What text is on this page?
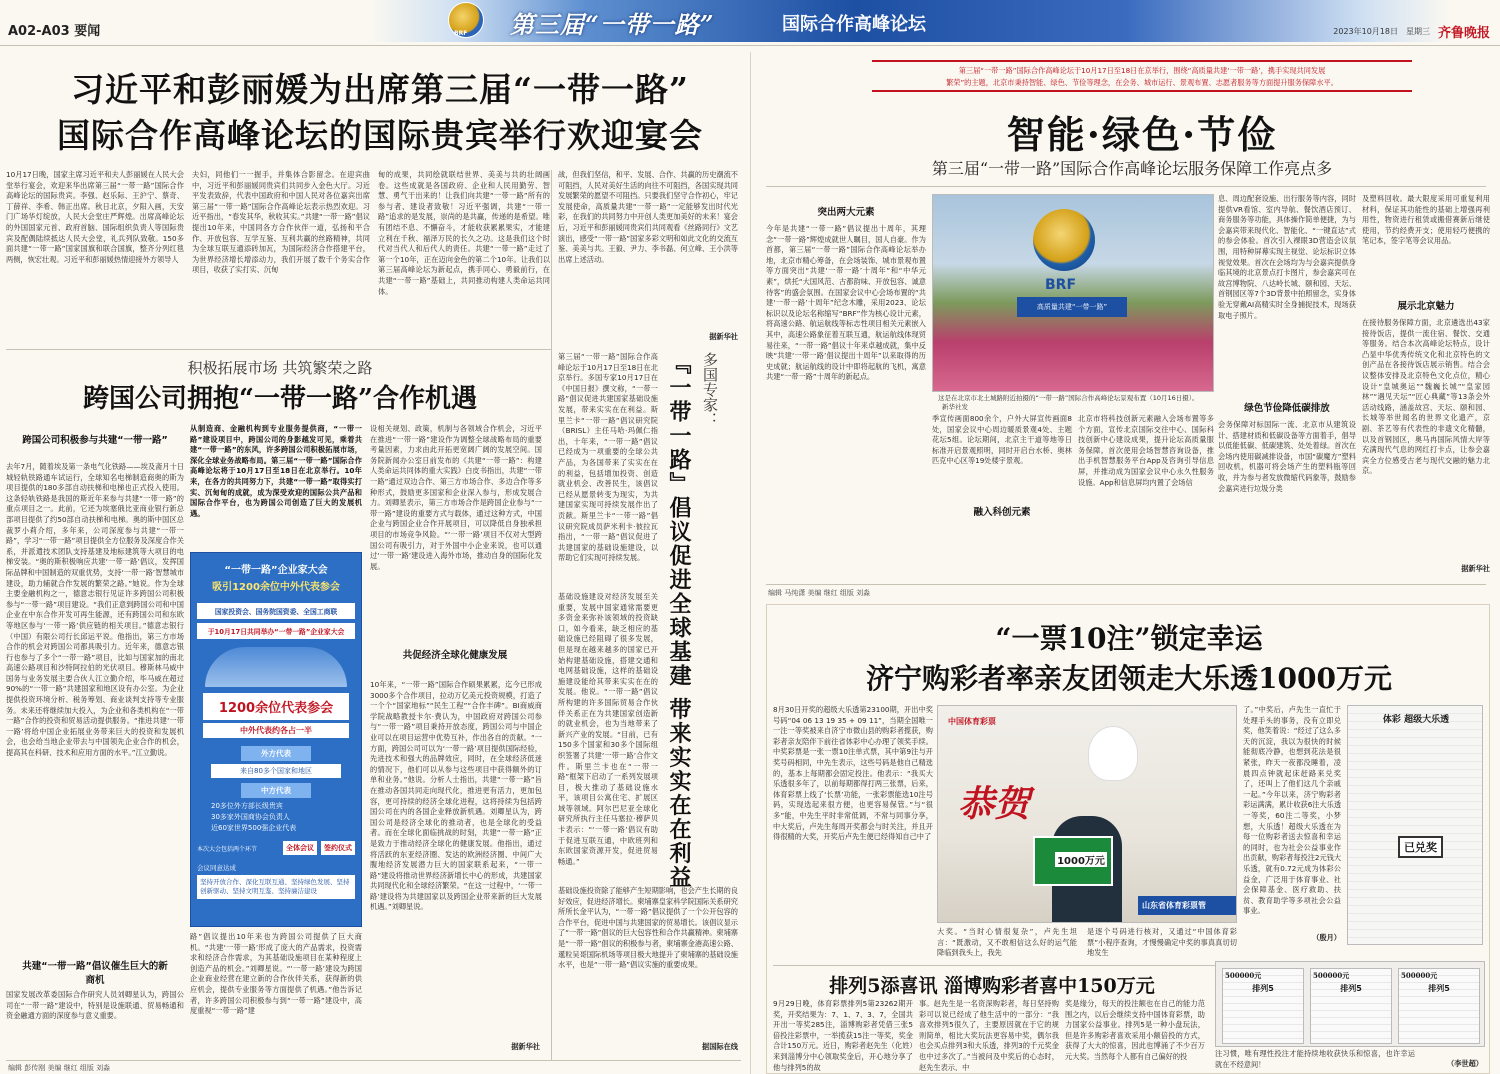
A02-A03 要闻	第三届“一带一路”	国际合作高峰论坛
BRF	2023年10月18日 星期三 齐鲁晚报
习近平和彭丽媛为出席第三届“一带一路”
国际合作高峰论坛的国际贵宾举行欢迎宴会
10月17日晚，国家主席习近平和夫人彭丽媛在人民大会堂举行宴会，欢迎来华出席第三届“一带一路”国际合作高峰论坛的国际贵宾。李强、赵乐际、王沪宁、蔡奇、丁薛祥、李希、韩正出席。秋日北京，夕阳入画，天安门广场华灯绽放，人民大会堂庄严辉煌。出席高峰论坛的外国国家元首、政府首脑、国际组织负责人等国际贵宾及配偶陆续抵达人民大会堂，礼兵列队致敬。150多面共建“一带一路”国家国旗和联合国旗，整齐分列红毯两侧，恢宏壮观。习近平和彭丽媛热情迎接外方领导人
夫妇，同他们一一握手，并集体合影留念。在迎宾曲中，习近平和彭丽媛同贵宾们共同步入金色大厅。习近平发表致辞，代表中国政府和中国人民对各位嘉宾出席第三届“一带一路”国际合作高峰论坛表示热烈欢迎。习近平指出，“春发其华，秋收其实。”共建“一带一路”倡议提出10年来，中国同各方合作伙伴一道，弘扬和平合作、开放包容、互学互鉴、互利共赢的丝路精神，共同为全球互联互通添砖加瓦，为国际经济合作搭建平台，为世界经济增长增添动力，我们开展了数千个务实合作项目，收获了实打实、沉甸
甸的成果，共同绘就联结世界、美美与共的壮阔画卷。这些成就是各国政府、企业和人民用勤劳、智慧、勇气干出来的！让我们向共建“一带一路”所有的参与者、建设者致敬！习近平强调，共建“一带一路”追求的是发展，崇尚的是共赢，传递的是希望。唯有团结不息、不懈奋斗，才能收获累累果实，才能建立利在千秋、福泽万民的长久之功。这是我们这个时代对当代人和后代人的责任。共建“一带一路”走过了第一个10年，正在迈向金色的第二个10年。让我们以第三届高峰论坛为新起点，携手同心、勇毅前行，在共建“一带一路”基础上，共同推动构建人类命运共同体。
战，但我们坚信，和平、发展、合作、共赢的历史潮流不可阻挡，人民对美好生活的向往不可阻挡，各国实现共同发展繁荣的愿望不可阻挡。只要我们坚守合作初心，牢记发展使命，高质量共建“一带一路”一定能够发出时代光彩，在我们的共同努力中开创人类更加美好的未来！宴会后，习近平和彭丽媛同贵宾们共同观看《丝路同行》文艺演出，感受“一带一路”国家多彩文明和如此文化的交流互鉴、美美与共。王毅、尹力、李书磊、何立峰、王小洪等出席上述活动。
据新华社
积极拓展市场 共筑繁荣之路
跨国公司拥抱“一带一路”合作机遇
跨国公司积极参与共建“一带一路”
去年7月，随着埃及第一条电气化铁路——埃及斋月十日城轻轨铁路通车试运行，全球知名电梯制造商奥的斯为项目提供的180多部自动扶梯和电梯也正式投入使用。这条轻轨铁路是我国的斯近年来参与共建“一带一路”的重点项目之一。此前，它还为埃塞俄比亚商业银行新总部项目提供了约50部自动扶梯和电梯。奥的斯中国区总裁罗小莉介绍，多年来，公司深度参与共建“一带一路”，学习“一带一路”项目提供全方位服务及深度合作关系，并派遣技术团队支持基建及地标建筑等大项目的电梯安装。“奥的斯积极响应共建‘一带一路’倡议，发挥国际品牌和中国制造的双重优势，支持‘一带一路’智慧城市建设，助力辅就合作发展的繁荣之路。”她说。作为全球主要金融机构之一，德意志银行见证许多跨国公司积极参与“一带一路”项目建设。“我们正意到跨国公司和中国企业在中东合作开发可再生能源，还有跨国公司和东欧等地区参与‘一带一路’供应链的相关项目。”德意志银行（中国）有限公司行长邱运平说。他指出，第三方市场合作的机会对跨国公司都具吸引力。近年来，德意志银行也参与了多个“一带一路”项目，比如与国家加的南北高速公路项目和沙特阿拉伯的光伏项目。穆斯林马威中国务与业务发展主要合伙人江立勤介绍，毕马威在超过90%的“一带一路”共建国家和地区设有办公室。为企业提供投资环境分析、税务筹划、商业谈判支持等专业服务。未来还将继续加大投入，为企业和各类机构在“一带一路”合作的投资和贸易活动提供服务。“推进共建‘一带一路’将给中国企业拓展业务带来巨大的投资和发展机会，也会给当地企业带去与中国领先企业合作的机会，提高其在科研、技术和应用方面的水平。”江立勤说。
共建“一带一路”倡议催生巨大的新商机
国家发展改革委国际合作研究人员刘卿星认为，跨国公司在“一带一路”建设中，特别是设施联通、贸易畅通和资金融通方面的深度参与意义重要。
从制造商、金融机构到专业服务提供商，“一带一路”建设项目中，跨国公司的身影越发可见，乘着共建“一带一路”的东风，许多跨国公司积极拓展市场，深化全球业务战略布局。第三届“一带一路”国际合作高峰论坛将于10月17日至18日在北京举行。10年来，在各方的共同努力下，共建“一带一路”取得实打实、沉甸甸的成就，成为深受欢迎的国际公共产品和国际合作平台，也为跨国公司创造了巨大的发展机遇。
“一带一路”企业家大会
吸引1200余位中外代表参会
国家投资会、国务院国资委、全国工商联
于10月17日共同举办“一带一路”企业家大会
1200余位代表参会
中外代表约各占一半
外方代表
来自80多个国家和地区
中方代表
20多位外方部长级贵宾
30多家外国商协会负责人
近60家世界500强企业代表
本次大会包括两个环节	全体会议	签约仪式
会议同意达成
坚持开放合作、深化互联互通、坚持绿色发展、坚持创新驱动、坚持文明互鉴、坚持廉洁建设
路”倡议提出10年来也为跨国公司提供了巨大商机。“共建‘一带一路’形成了庞大的产品需求，投资需求和经济合作需求，为其基础设施项目在某种程度上创造产品的机会。”刘卿星说。“‘一带一路’建设为跨国企业商业经营在建立新的合作伙伴关系，获得新的供应机会，提供专业服务等方面提供了机遇。”他告诉记者，许多跨国公司积极参与到“一带一路”建设中，高度重视“一带一路”建
设相关规划、政策，机制与各领域合作机会，习近平在推进“一带一路”建设作为调整全球战略布局的重要考量因素，力求由此开拓更宽阔广阔的发展空间。国务院新闻办公室日前发布的《共建“一带一路”：构建人类命运共同体的重大实践》白皮书指出，共建“一带一路”通过双边合作、第三方市场合作、多边合作等多种形式，鼓励更多国家和企业深入参与，形成发展合力。刘卿星表示，第三方市场合作是跨国企业参与“一带一路”建设的重要方式与载体，通过这种方式，中国企业与跨国企业合作开展项目，可以降低自身独承担项目的市场竞争风险。“‘一带一路’项目不仅对大型跨国公司有吸引力，对于外国中小企业来说，也可以通过‘一带一路’建设进入海外市场，推动自身的国际化发展。
共促经济全球化健康发展
10年来，“一带一路”国际合作硕果累累，迄今已形成3000多个合作项目，拉动万亿美元投资规模，打造了一个个“国家地标”“民生工程”“合作丰碑”。BI商威商学院战略教授卡尔·费认为，中国政府对跨国公司参与“一带一路”项目秉持开放态度，跨国公司与中国企业可以在项目运营中优势互补，作出各自的贡献。“一方面，跨国公司可以为‘一带一路’项目提供国际经验，先进技术和强大的品牌效应，同时，在全球经济低迷的情况下，他们可以从参与这些项目中获得额外的订单和业务。”他说。分析人士指出，共建“一带一路”旨在推动各国共同走向现代化，推进更有活力，更加包容，更可持续的经济全球化进程，这将持续为包括跨国公司在内的各国企业释放新机遇。刘卿星认为，跨国公司是经济全球化的推动者，也是全球化的受益者。而在全球化面临挑战的时刻，共建“一带一路”正是致力于推动经济全球化的健康发展。他指出，通过将活跃的东亚经济圈、发达的欧洲经济圈、中间广大腹地经济发展潜力巨大的国家联系起来，“一带一路”建设将推动世界经济新增长中心的形成，共建国家共同现代化和全球经济繁荣。“在这一过程中，‘一带一路’建设将为共建国家以及跨国企业带来新的巨大发展机遇。”刘卿星说。
据新华社
多国专家：
『一带一路』倡议促进全球基建 带来实实在在利益
第三届“一带一路”国际合作高峰论坛于10月17日至18日在北京举行。多国专家10月17日在《中国日报》撰文称，“一带一路”倡议促进共建国家基础设施发展，带来实实在在利益。斯里兰卡“一带一路”倡议研究院（BRISL）主任马哈·玛佩仁指出，十年来，“一带一路”倡议已经成为一项重要的全球公共产品，为各国带来了实实在在的利益，包括增加投资、创造就业机会、改善民生，该倡议已经从愿景转变为现实，为共建国家实现可持续发展作出了贡献。斯里兰卡“一带一路”倡议研究院成员萨米利卡·彼拉瓦指出，“一带一路”倡议促进了共建国家的基础设施建设，以帮助它们实现可持续发展。
基础设施建设对经济发展至关重要，发展中国家通常需要更多资金来弥补该领域的投资缺口，如今看来，缺乏相应的基础设施已经阻碍了很多发展，但是现在越来越多的国家已开始构建基础设施，搭建交通和电网基础设施，这样的基础设施建设能给其带来实实在在的发展。他说。“一带一路”倡议所构建的许多国际贸易合作伙伴关系正在为共建国家创造新的就业机会，也为当地带来了新兴产业的发展。“目前，已有150多个国家和30多个国际组织签署了共建‘一带一路’合作文件。斯里兰卡也在“一带一路”框架下启动了一系列发展项目，极大推动了基础设施水平，该项目公寓住宅、扩展区域等领域。阿尔巴尼亚全球化研究所执行主任马塞拉·穆萨贝卡表示：“‘一带一路’倡议有助于促进互联互通，中欧班列和东欧国家资源开发，促进贸易畅通。”
基础设施投资除了能够产生短期影响，也会产生长期的良好效应，促进经济增长。柬埔寨皇家科学院国际关系研究所所长金平认为，“一带一路”倡议提供了一个公开包容的合作平台，促进中国与共建国家的贸易增长。该倡议显示了“一带一路”倡议的巨大包容性和合作共赢精神。柬埔寨是“一带一路”倡议的积极参与者，柬埔寨金港高速公路、暹粒吴哥国际机场等项目极大地提升了柬埔寨的基础设施水平，也是“一带一路”倡议实施的重要成果。
据国际在线
编辑 彭传刚 美编 继红 组版 刘淼
第三届“一带一路”国际合作高峰论坛于10月17日至18日在京举行，围绕“高质量共建‘一带一路’，携手实现共同发展
繁荣”的主题，北京市秉持智能、绿色、节俭等理念，在会务、城市运行、景观布置、志愿者服务等方面提升服务保障水平。
智能·绿色·节俭
第三届“一带一路”国际合作高峰论坛服务保障工作亮点多
BRF
高质量共建“一带一路”
这是在北京市北土城路附近拍摄的“一带一路”国际合作高峰论坛景观布置（10月16日摄）。 新华社发
突出两大元素
今年是共建“一带一路”倡议提出十周年，其理念“一带一路”辉煌成就世人瞩目，国人自豪。作为首都，第三届“一带一路”国际合作高峰论坛举办地，北京市精心筹备，在会场装饰、城市景观布置等方面突出“共建‘一带一路’十周年”和“中华元素”，烘托“大国风范、古都韵味、开放包容、诚意待客”的盛会氛围。在国家会议中心会场布置的“共建‘一带一路’十周年”纪念木雕，采用2023、论坛标识以及论坛名称缩写“BRF”作为核心设计元素，将高速公路、航运航线等标志性项目相关元素嵌入其中，高速公路象征着互联互通，航运航线体现贸易往来，“一带一路”倡议十年来卓越成就，集中反映“共建‘一带一路’倡议提出十周年”以来取得的历史成就；航运航线的设计中即将起航的飞机，寓意共建“一带一路”十周年的新起点。
季宣传画面800余个，户外大屏宣传画面8处，国家会议中心周边暖质景观4处、主题花坛5组。论坛期间，北京主干道等地等日标准开启景观照明，同时开启台水桥、奥林匹克中心区等19处楼宇景观。
融入科创元素
北京市将科技创新元素融入会场布置等多个方面，宣传北京国际交往中心、国际科技创新中心建设成果，提升论坛高质量服务保障。首次使用会场智慧咨询设备，推出手机智慧服务平台App及咨询引导信息屏，并推动成为国家会议中心永久性服务设施。App和信息屏均内置了会场信
息、周边配套设施、出行服务等内容，同时提供VR看馆、室内导航、餐饮酒店预订、商务服务等功能，具体操作简单便捷，为与会嘉宾带来现代化、智能化、“一键直达”式的参会体验。首次引入裸眼3D营造会议氛围，用特种屏幕实现主视觉、论坛标识立体视觉效果。首次在会场均为与会嘉宾提供身临其境的北京景点打卡图片，参会嘉宾可在故宫博物院、八达岭长城、颐和园、天坛、首钢园区等7个3D背景中拍照留念，实身体验无穿戴AI高精实时全身捕捉技术，现场获取电子照片。
绿色节俭降低碳排放
会务保障对标国际一流、北京市从建筑设计、搭建材质和低碳设备等方面着手，倡导以低能低碳、低碳建筑、处处着绿。首次在会场内使用碳减排设备，市国“碳魔方”塑料回收机，机器可将会场产生的塑料瓶等回收，并为参与者发放微缩代码象等，鼓励参会嘉宾进行垃圾分类
及塑料回收。最大限度采用可重复利用材料，保证其功能性的基础上增强再利用性，物资进行租赁或搬借赛新后继使使用，节约经费开支；使用轻巧便携的笔记本，签字笔等会议用品。
展示北京魅力
在接待服务保障方面，北京遴选出43家接待饭店，提供一流住宿、餐饮、交通等服务。结合本次高峰论坛特点，设计凸显中华优秀传统文化和北京特色的文创产品在各接待饭店展示销售。结合会议整体安排及北京特色文化点位，精心设计“皇城奥运”“魏巍长城”“皇家园林”“遇见天坛”“匠心典藏”等13条会外活动线路，涵盖故宫、天坛、颐和园、长城等举世闻名的世界文化遗产，京剧、茶艺等有代表性的非遗文化精髓，以及首钢园区，奥马冉国际风情大岸等充满现代气息的网红打卡点，让参会嘉宾全方位感受古老与现代交融的魅力北京。
据新华社
编辑 马纯潇 美编 继红 组版 刘淼
“一票10注”锁定幸运
济宁购彩者率亲友团领走大乐透1000万元
8月30日开奖的超级大乐透第23100期，开出中奖号码“04 06 13 19 35 + 09 11”，当期全国唯一一注一等奖被来自济宁市微山县的购彩者揽获，购彩者亲友陪伴下前往省体彩中心办理了领奖手续。中奖彩票是一张一票10注单式票，其中第9注与开奖号码相同，中先生表示，这些号码是他自己精选的，基本上每期都会固定投注。他表示：“我买大乐透很多年了，以前每期都得打两三张票，后来，体育彩票上线了‘长票’功能，一张彩票能选10注号码，实现选起来很方便，也更容易保管。”与“很多”能，中先生平时非常低调，不常与同事分享，中大奖后，卢先生每周开奖都会与时关注，并且开得很精的大奖，开奖后卢先生便已经得知自己中了
中国体育彩票
恭贺
1000万元
山东省体育彩票管
大奖。“当时心情很复杂”，卢先生坦言：“既激动，又不敢相信这么好的运气能降临到我头上，我先
是逐个号码进行核对，又通过“中国体育彩票”小程序查询，才慢慢确定中奖的事真真切切地发生
了。”中奖后，卢先生一直忙于处理手头的事务，没有立即兑奖，他笑着说：“经过了这么多天的沉淀，我以为很快的时候能彻底冷静，也想到花法是很紧张，昨天一夜都没睡着，凌晨四点钟就起床赶路来兑奖了，还叫上了他们这几个亲戚一起。”今年以来，济宁购彩者彩运满满，累计收获6注大乐透一等奖，60注二等奖，小梦想，大乐透！超级大乐透在为每一位购彩者送去惊喜和幸运的同时，也为社会公益事业作出贡献，购彩者每投注2元钱大乐透，就有0.72元成为体彩公益金，广泛用于体育事业、社会保障基金、医疗救助、扶贫、教育助学等多项社会公益事业。
（殷月）
体彩 超级大乐透
已兑奖
排列5添喜讯 淄博购彩者喜中150万元
9月29日晚，体育彩票排列5第23262期开奖，开奖结果为：7、1、7、3、7，全国共开出一等奖285注，淄博购彩者凭借三张5倍投注彩票中，一举揽获15注一等奖，奖金合计150万元。近日，购彩者赵先生（化姓）来到淄博分中心领取奖金后，开心地分享了他与排列5的故
事。赵先生是一名资深购彩者，每日坚持购彩可以说已经成了他生活中的一部分：“我喜欢排列5很久了，主要原因就在于它的规则简单，相比大奖玩法更容易中奖，偶尔我也会买点排列3和大乐透，排列3的千元奖金也中过多次了。”当被问及中奖后的心态时，赵先生表示，中
奖是缘分，每天的投注额也在自己的能力范围之内，以后会继续支持中国体育彩票，助力国家公益事业。排列5是一种小盘玩法，但是许多购彩者喜欢采用小额倍投的方式，获得了大大的惊喜，因此也博涌了不少百万元大奖。当然每个人都有自己偏好的投
500000元
排列5
500000元
排列5
500000元
排列5
注习惯，唯有理性投注才能持续地收获快乐和惊喜，也许幸运就在不经意间！	（李世超）
